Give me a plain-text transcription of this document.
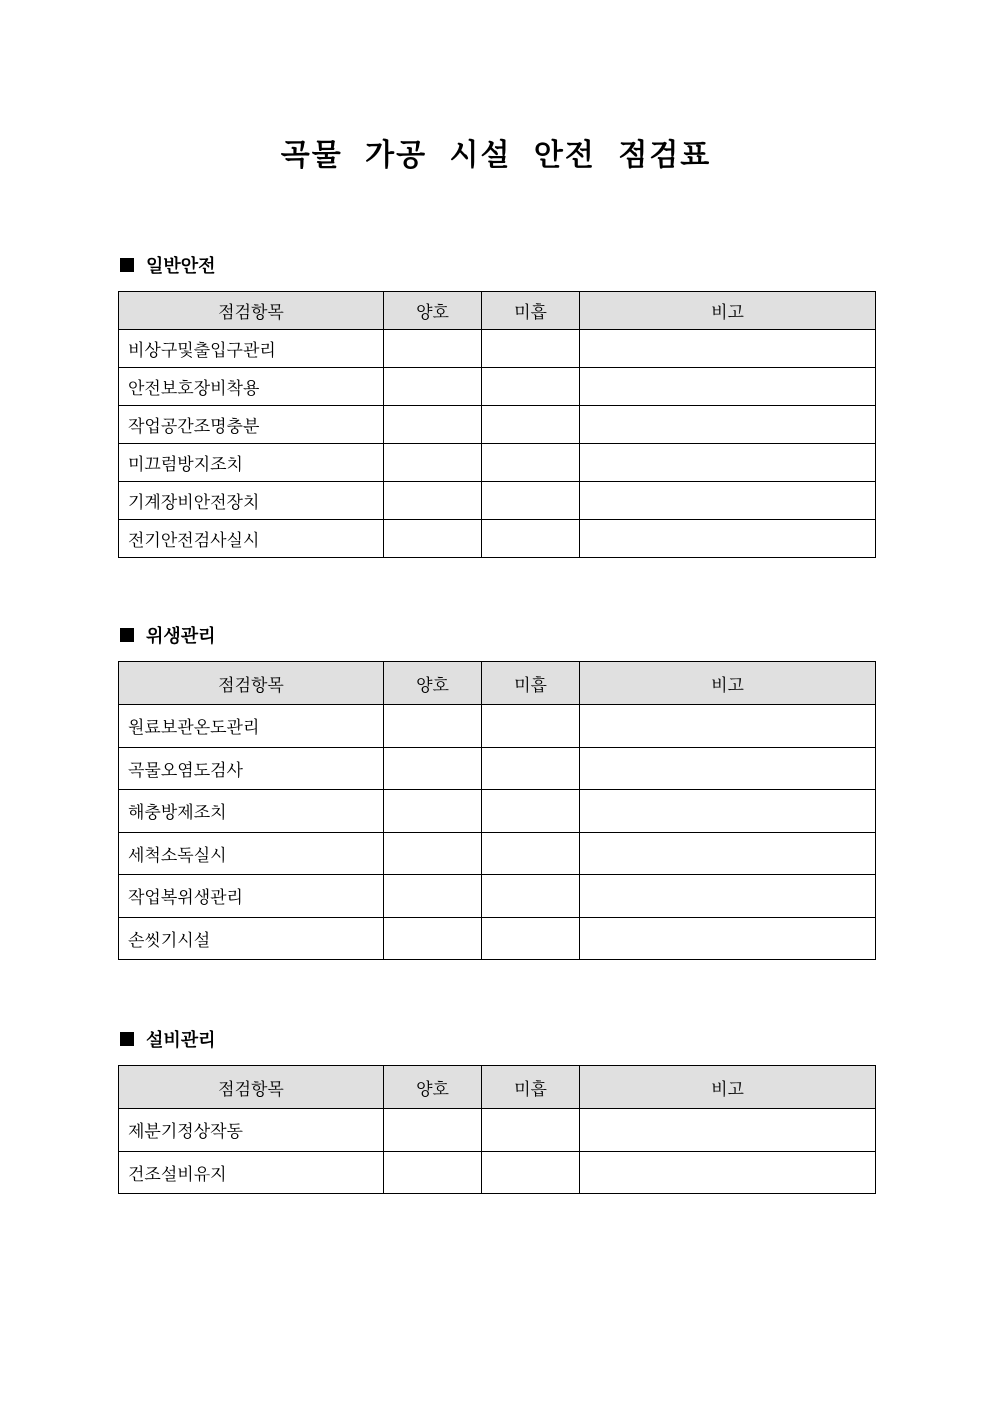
곡물 가공 시설 안전 점검표
일반안전
점검항목	양호	미흡	비고
비상구및출입구관리			
안전보호장비착용			
작업공간조명충분			
미끄럼방지조치			
기계장비안전장치			
전기안전검사실시			
위생관리
점검항목	양호	미흡	비고
원료보관온도관리			
곡물오염도검사			
해충방제조치			
세척소독실시			
작업복위생관리			
손씻기시설			
설비관리
점검항목	양호	미흡	비고
제분기정상작동			
건조설비유지			
